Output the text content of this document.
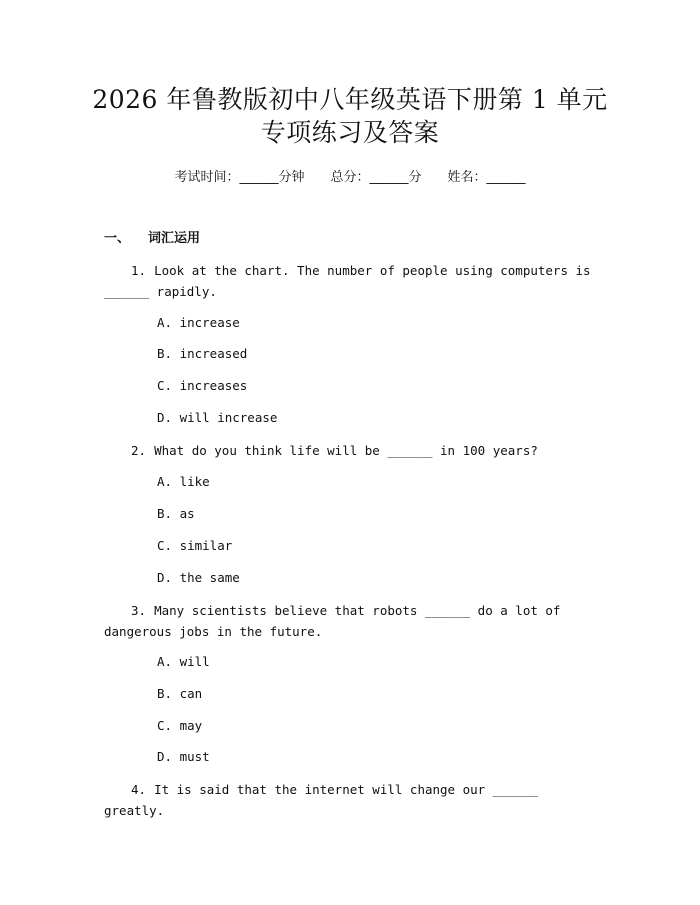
2026 年鲁教版初中八年级英语下册第 1 单元
专项练习及答案
考试时间：______分钟 总分：______分 姓名：______
一、 词汇运用
1. Look at the chart. The number of people using computers is ______ rapidly.
A. increase
B. increased
C. increases
D. will increase
2. What do you think life will be ______ in 100 years?
A. like
B. as
C. similar
D. the same
3. Many scientists believe that robots ______ do a lot of dangerous jobs in the future.
A. will
B. can
C. may
D. must
4. It is said that the internet will change our ______ greatly.
